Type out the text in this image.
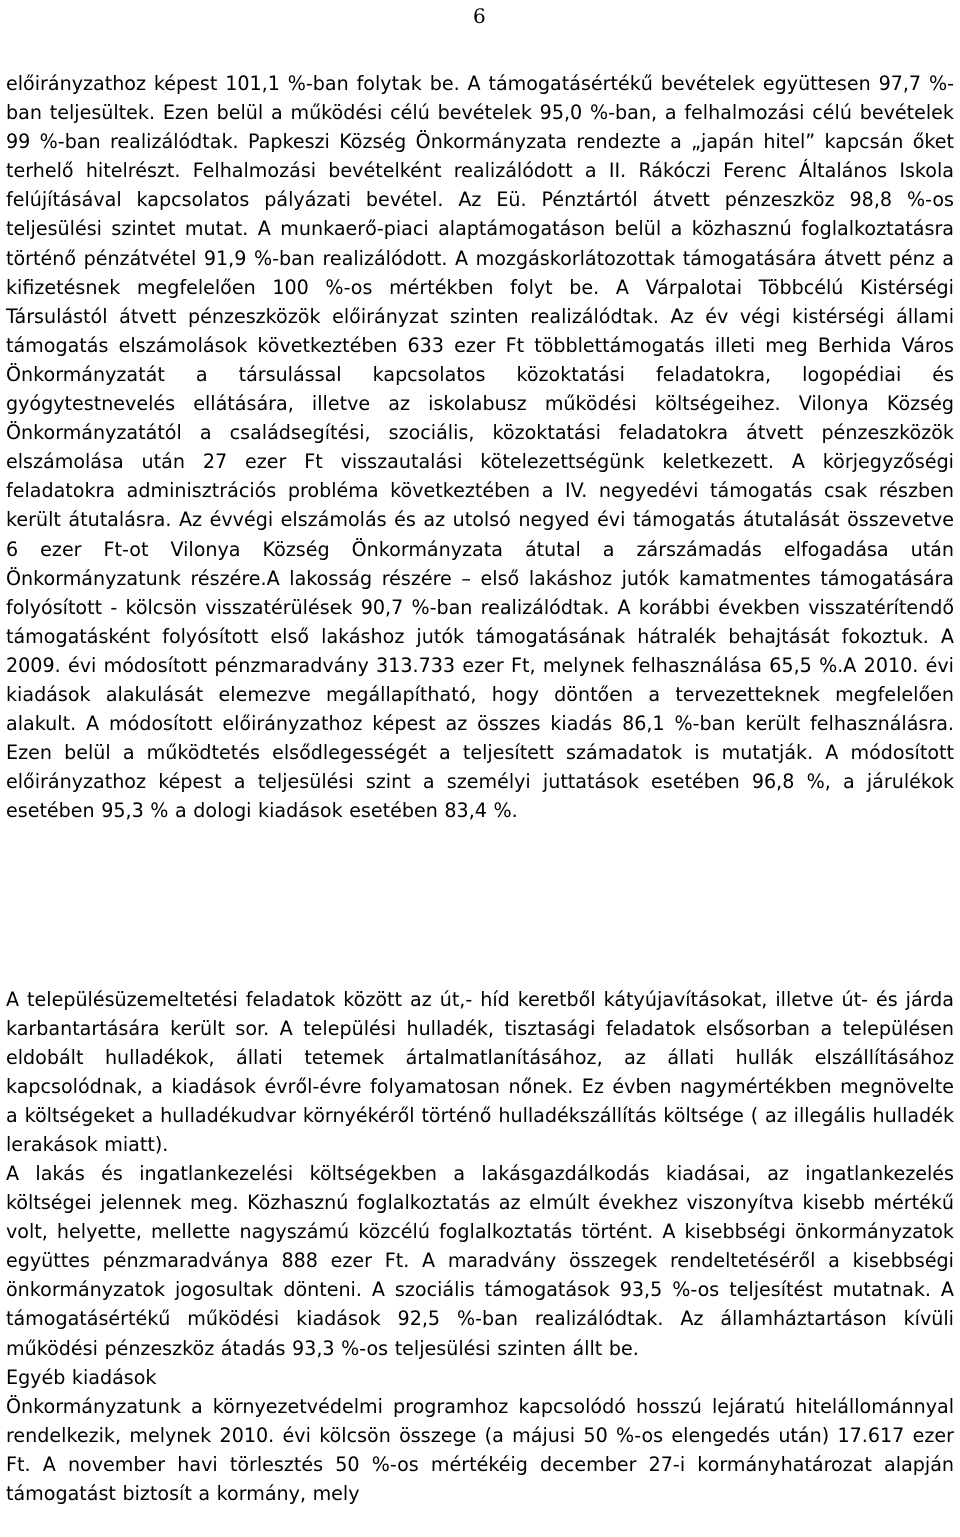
6

előirányzathoz képest 101,1 %-ban folytak be. A támogatásértékű bevételek együttesen 97,7 %-ban teljesültek. Ezen belül a működési célú bevételek 95,0 %-ban, a felhalmozási célú bevételek 99 %-ban realizálódtak. Papkeszi Község Önkormányzata rendezte a „japán hitel” kapcsán őket terhelő hitelrészt. Felhalmozási bevételként realizálódott a II. Rákóczi Ferenc Általános Iskola felújításával kapcsolatos pályázati bevétel. Az Eü. Pénztártól átvett pénzeszköz 98,8 %-os teljesülési szintet mutat. A munkaerő-piaci alaptámogatáson belül a közhasznú foglalkoztatásra történő pénzátvétel 91,9 %-ban realizálódott. A mozgáskorlátozottak támogatására átvett pénz a kifizetésnek megfelelően 100 %-os mértékben folyt be. A Várpalotai Többcélú Kistérségi Társulástól átvett pénzeszközök előirányzat szinten realizálódtak. Az év végi kistérségi állami támogatás elszámolások következtében 633 ezer Ft többlettámogatás illeti meg Berhida Város Önkormányzatát a társulással kapcsolatos közoktatási feladatokra, logopédiai és gyógytestnevelés ellátására, illetve az iskolabusz működési költségeihez. Vilonya Község Önkormányzatától a családsegítési, szociális, közoktatási feladatokra átvett pénzeszközök elszámolása után 27 ezer Ft visszautalási kötelezettségünk keletkezett. A körjegyzőségi feladatokra adminisztrációs probléma következtében a IV. negyedévi támogatás csak részben került átutalásra. Az évvégi elszámolás és az utolsó negyed évi támogatás átutalását összevetve 6 ezer Ft-ot Vilonya Község Önkormányzata átutal a zárszámadás elfogadása után Önkormányzatunk részére.A lakosság részére – első lakáshoz jutók kamatmentes támogatására folyósított - kölcsön visszatérülések 90,7 %-ban realizálódtak. A korábbi években visszatérítendő támogatásként folyósított első lakáshoz jutók támogatásának hátralék behajtását fokoztuk. A 2009. évi módosított pénzmaradvány 313.733 ezer Ft, melynek felhasználása 65,5 %.A 2010. évi kiadások alakulását elemezve megállapítható, hogy döntően a tervezetteknek megfelelően alakult. A módosított előirányzathoz képest az összes kiadás 86,1 %-ban került felhasználásra. Ezen belül a működtetés elsődlegességét a teljesített számadatok is mutatják. A módosított előirányzathoz képest a teljesülési szint a személyi juttatások esetében 96,8 %, a járulékok esetében 95,3 % a dologi kiadások esetében 83,4 %.

A településüzemeltetési feladatok között az út,- híd keretből kátyújavításokat, illetve út- és járda karbantartására került sor. A települési hulladék, tisztasági feladatok elsősorban a településen eldobált hulladékok, állati tetemek ártalmatlanításához, az állati hullák elszállításához kapcsolódnak, a kiadások évről-évre folyamatosan nőnek. Ez évben nagymértékben megnövelte a költségeket a hulladékudvar környékéről történő hulladékszállítás költsége ( az illegális hulladék lerakások miatt).

A lakás és ingatlankezelési költségekben a lakásgazdálkodás kiadásai, az ingatlankezelés költségei jelennek meg. Közhasznú foglalkoztatás az elmúlt évekhez viszonyítva kisebb mértékű volt, helyette, mellette nagyszámú közcélú foglalkoztatás történt. A kisebbségi önkormányzatok együttes pénzmaradványa 888 ezer Ft. A maradvány összegek rendeltetéséről a kisebbségi önkormányzatok jogosultak dönteni. A szociális támogatások 93,5 %-os teljesítést mutatnak. A támogatásértékű működési kiadások 92,5 %-ban realizálódtak. Az államháztartáson kívüli működési pénzeszköz átadás 93,3 %-os teljesülési szinten állt be.

Egyéb kiadások

Önkormányzatunk a környezetvédelmi programhoz kapcsolódó hosszú lejáratú hitelállománnyal rendelkezik, melynek 2010. évi kölcsön összege (a májusi 50 %-os elengedés után) 17.617 ezer Ft. A november havi törlesztés 50 %-os mértékéig december 27-i kormányhatározat alapján támogatást biztosít a kormány, mely
